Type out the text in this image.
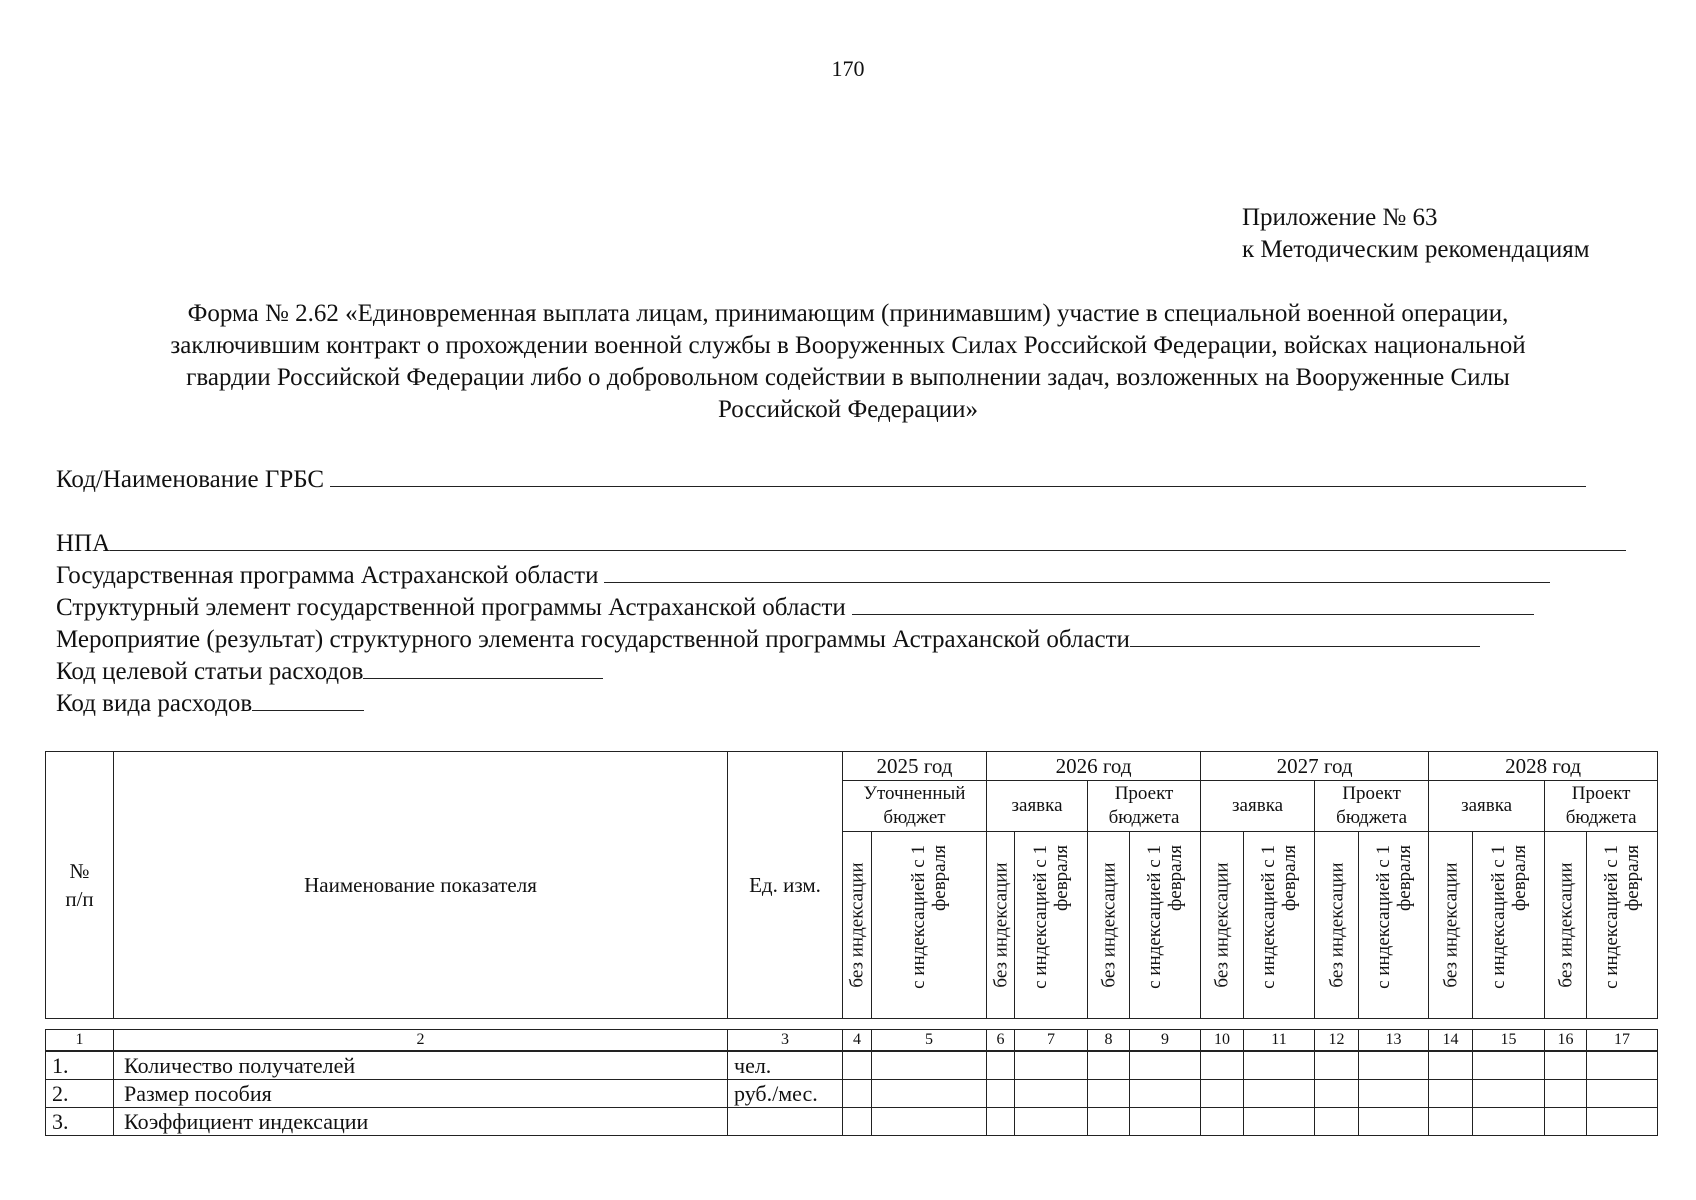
170
Приложение № 63
к Методическим рекомендациям
Форма № 2.62 «Единовременная выплата лицам, принимающим (принимавшим) участие в специальной военной операции,
заключившим контракт о прохождении военной службы в Вооруженных Силах Российской Федерации, войсках национальной
гвардии Российской Федерации либо о добровольном содействии в выполнении задач, возложенных на Вооруженные Силы
Российской Федерации»
Код/Наименование ГРБС
НПА
Государственная программа Астраханской области
Структурный элемент государственной программы Астраханской области
Мероприятие (результат) структурного элемента государственной программы Астраханской области
Код целевой статьи расходов
Код вида расходов
№ п/п	Наименование показателя	Ед. изм.	2025 год		2026 год				2027 год				2028 год			
			Уточненный бюджет		заявка		Проект бюджета		заявка		Проект бюджета		заявка		Проект бюджета	

			без индексации	с индексацией с 1 февраля	без индексации	с индексацией с 1 февраля	без индексации	с индексацией с 1 февраля	без индексации	с индексацией с 1 февраля	без индексации	с индексацией с 1 февраля	без индексации	с индексацией с 1 февраля	без индексации	с индексацией с 1 февраля
1	2	3	4	5	6	7	8	9	10	11	12	13	14	15	16	17
1.	Количество получателей	чел.														
2.	Размер пособия	руб./мес.														
3.	Коэффициент индексации															
